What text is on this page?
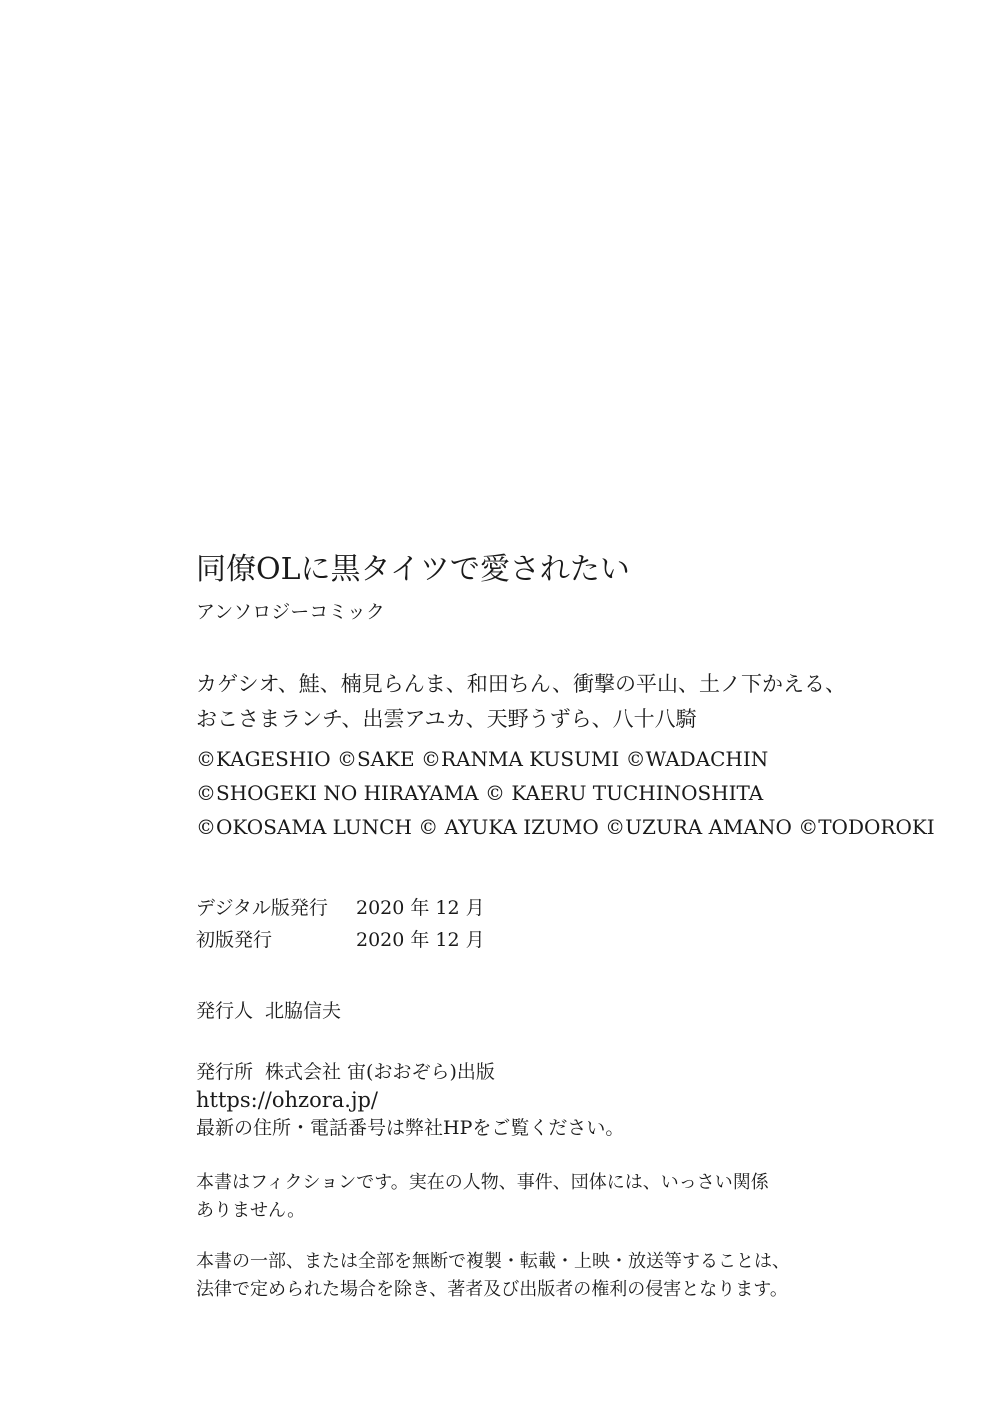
同僚OLに黒タイツで愛されたい
アンソロジーコミック
カゲシオ、鮭、楠見らんま、和田ちん、衝撃の平山、土ノ下かえる、
おこさまランチ、出雲アユカ、天野うずら、八十八騎
©KAGESHIO ©SAKE ©RANMA KUSUMI ©WADACHIN
©SHOGEKI NO HIRAYAMA © KAERU TUCHINOSHITA
©OKOSAMA LUNCH © AYUKA IZUMO ©UZURA AMANO ©TODOROKI
デジタル版発行	2020 年 12 月
初版発行	2020 年 12 月
発行人 北脇信夫
発行所 株式会社 宙(おおぞら)出版
https://ohzora.jp/
最新の住所・電話番号は弊社HPをご覧ください。
本書はフィクションです。実在の人物、事件、団体には、いっさい関係
ありません。
本書の一部、または全部を無断で複製・転載・上映・放送等することは、
法律で定められた場合を除き、著者及び出版者の権利の侵害となります。
